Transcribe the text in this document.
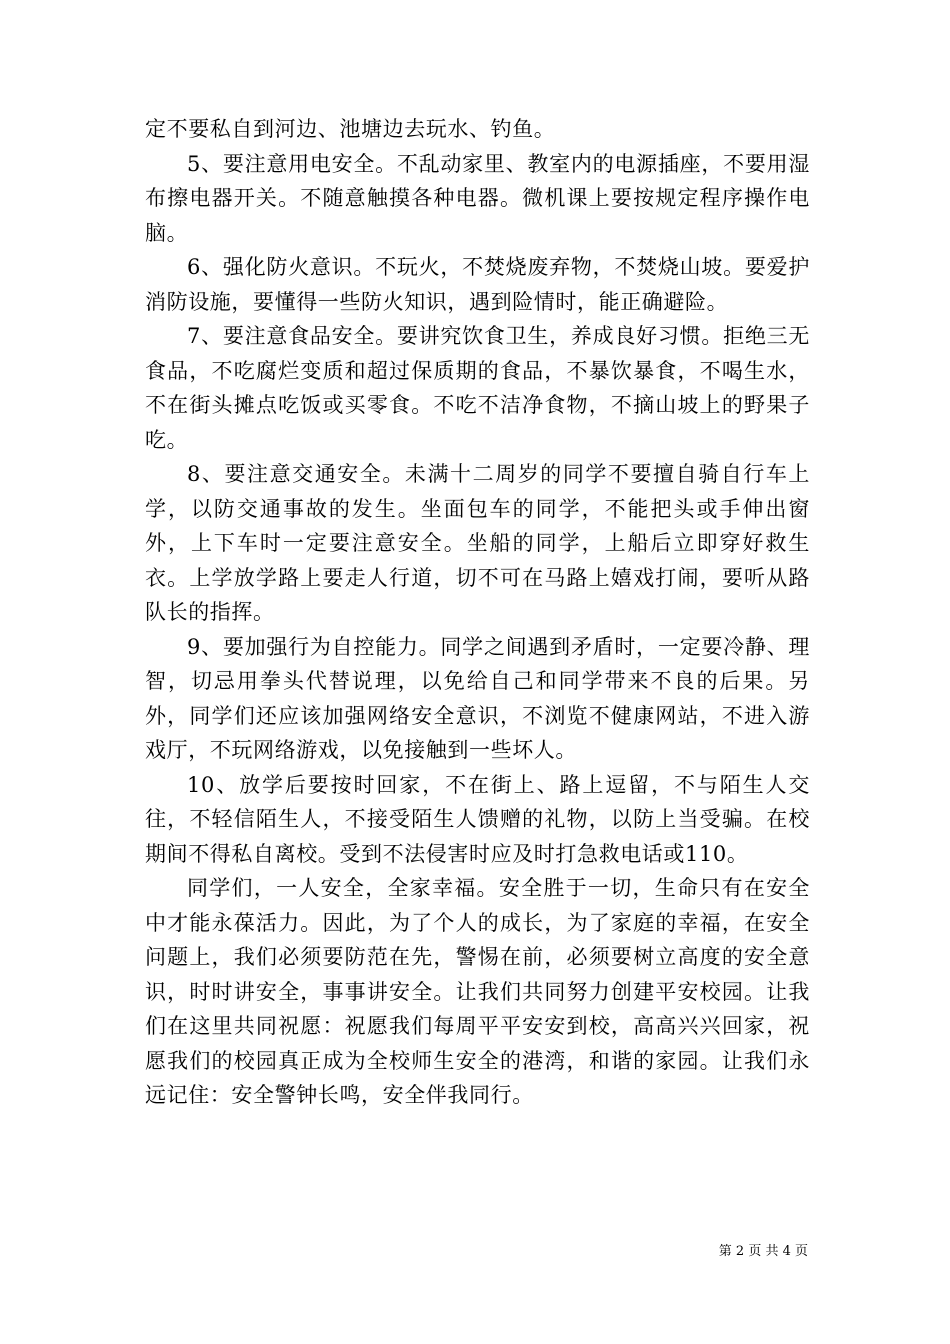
定不要私自到河边、池塘边去玩水、钓鱼。

5、要注意用电安全。不乱动家里、教室内的电源插座，不要用湿布擦电器开关。不随意触摸各种电器。微机课上要按规定程序操作电脑。

6、强化防火意识。不玩火，不焚烧废弃物，不焚烧山坡。要爱护消防设施，要懂得一些防火知识，遇到险情时，能正确避险。

7、要注意食品安全。要讲究饮食卫生，养成良好习惯。拒绝三无食品，不吃腐烂变质和超过保质期的食品，不暴饮暴食，不喝生水，不在街头摊点吃饭或买零食。不吃不洁净食物，不摘山坡上的野果子吃。

8、要注意交通安全。未满十二周岁的同学不要擅自骑自行车上学，以防交通事故的发生。坐面包车的同学，不能把头或手伸出窗外，上下车时一定要注意安全。坐船的同学，上船后立即穿好救生衣。上学放学路上要走人行道，切不可在马路上嬉戏打闹，要听从路队长的指挥。

9、要加强行为自控能力。同学之间遇到矛盾时，一定要冷静、理智，切忌用拳头代替说理，以免给自己和同学带来不良的后果。另外，同学们还应该加强网络安全意识，不浏览不健康网站，不进入游戏厅，不玩网络游戏，以免接触到一些坏人。

10、放学后要按时回家，不在街上、路上逗留，不与陌生人交往，不轻信陌生人，不接受陌生人馈赠的礼物，以防上当受骗。在校期间不得私自离校。受到不法侵害时应及时打急救电话或110。

同学们，一人安全，全家幸福。安全胜于一切，生命只有在安全中才能永葆活力。因此，为了个人的成长，为了家庭的幸福，在安全问题上，我们必须要防范在先，警惕在前，必须要树立高度的安全意识，时时讲安全，事事讲安全。让我们共同努力创建平安校园。让我们在这里共同祝愿：祝愿我们每周平平安安到校，高高兴兴回家，祝愿我们的校园真正成为全校师生安全的港湾，和谐的家园。让我们永远记住：安全警钟长鸣，安全伴我同行。

第 2 页 共 4 页
